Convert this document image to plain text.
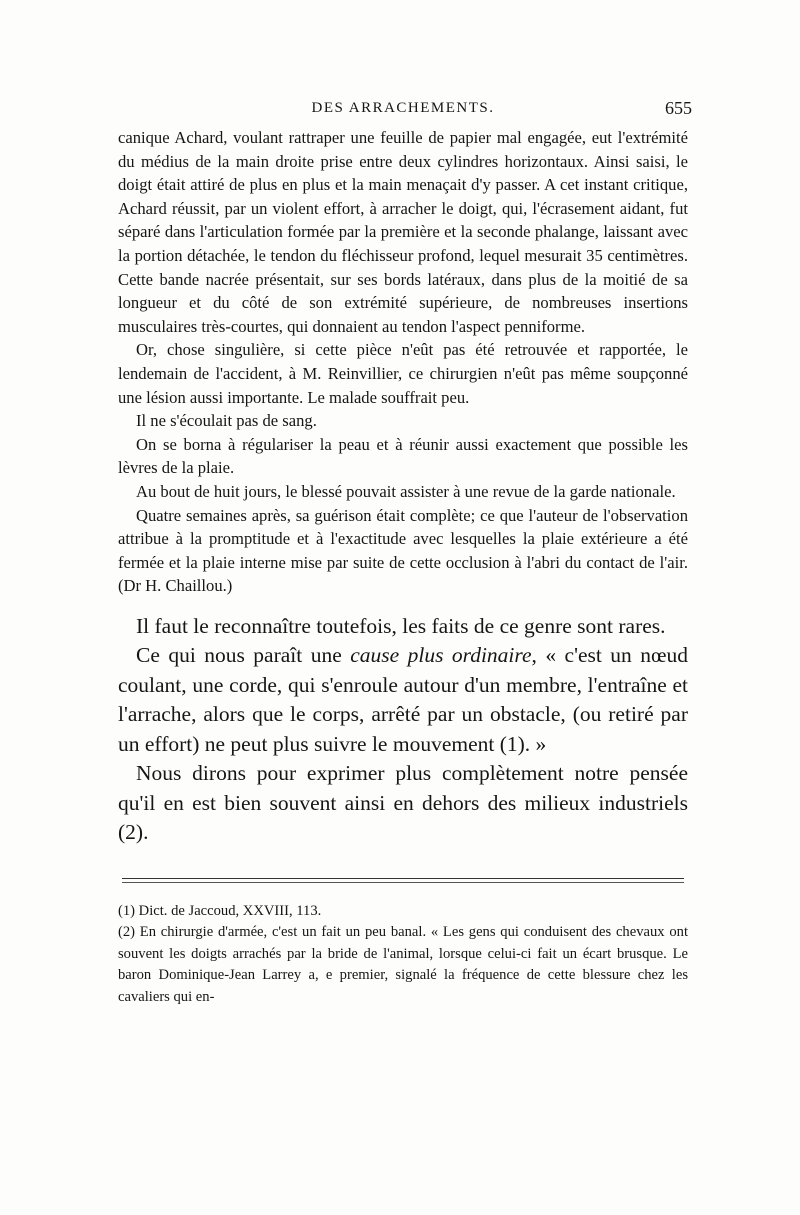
DES ARRACHEMENTS.	655

canique Achard, voulant rattraper une feuille de papier mal engagée, eut l'extrémité du médius de la main droite prise entre deux cylindres horizontaux. Ainsi saisi, le doigt était attiré de plus en plus et la main menaçait d'y passer. A cet instant critique, Achard réussit, par un violent effort, à arracher le doigt, qui, l'écrasement aidant, fut séparé dans l'articulation formée par la première et la seconde phalange, laissant avec la portion détachée, le tendon du fléchisseur profond, lequel mesurait 35 centimètres. Cette bande nacrée présentait, sur ses bords latéraux, dans plus de la moitié de sa longueur et du côté de son extrémité supérieure, de nombreuses insertions musculaires très-courtes, qui donnaient au tendon l'aspect penniforme.

Or, chose singulière, si cette pièce n'eût pas été retrouvée et rapportée, le lendemain de l'accident, à M. Reinvillier, ce chirurgien n'eût pas même soupçonné une lésion aussi importante. Le malade souffrait peu.

Il ne s'écoulait pas de sang.

On se borna à régulariser la peau et à réunir aussi exactement que possible les lèvres de la plaie.

Au bout de huit jours, le blessé pouvait assister à une revue de la garde nationale.

Quatre semaines après, sa guérison était complète; ce que l'auteur de l'observation attribue à la promptitude et à l'exactitude avec lesquelles la plaie extérieure a été fermée et la plaie interne mise par suite de cette occlusion à l'abri du contact de l'air. (Dr H. Chaillou.)

Il faut le reconnaître toutefois, les faits de ce genre sont rares.

Ce qui nous paraît une cause plus ordinaire, « c'est un nœud coulant, une corde, qui s'enroule autour d'un membre, l'entraîne et l'arrache, alors que le corps, arrêté par un obstacle, (ou retiré par un effort) ne peut plus suivre le mouvement (1). »

Nous dirons pour exprimer plus complètement notre pensée qu'il en est bien souvent ainsi en dehors des milieux industriels (2).

(1) Dict. de Jaccoud, XXVIII, 113.

(2) En chirurgie d'armée, c'est un fait un peu banal. « Les gens qui conduisent des chevaux ont souvent les doigts arrachés par la bride de l'animal, lorsque celui-ci fait un écart brusque. Le baron Dominique-Jean Larrey a, e premier, signalé la fréquence de cette blessure chez les cavaliers qui en-
